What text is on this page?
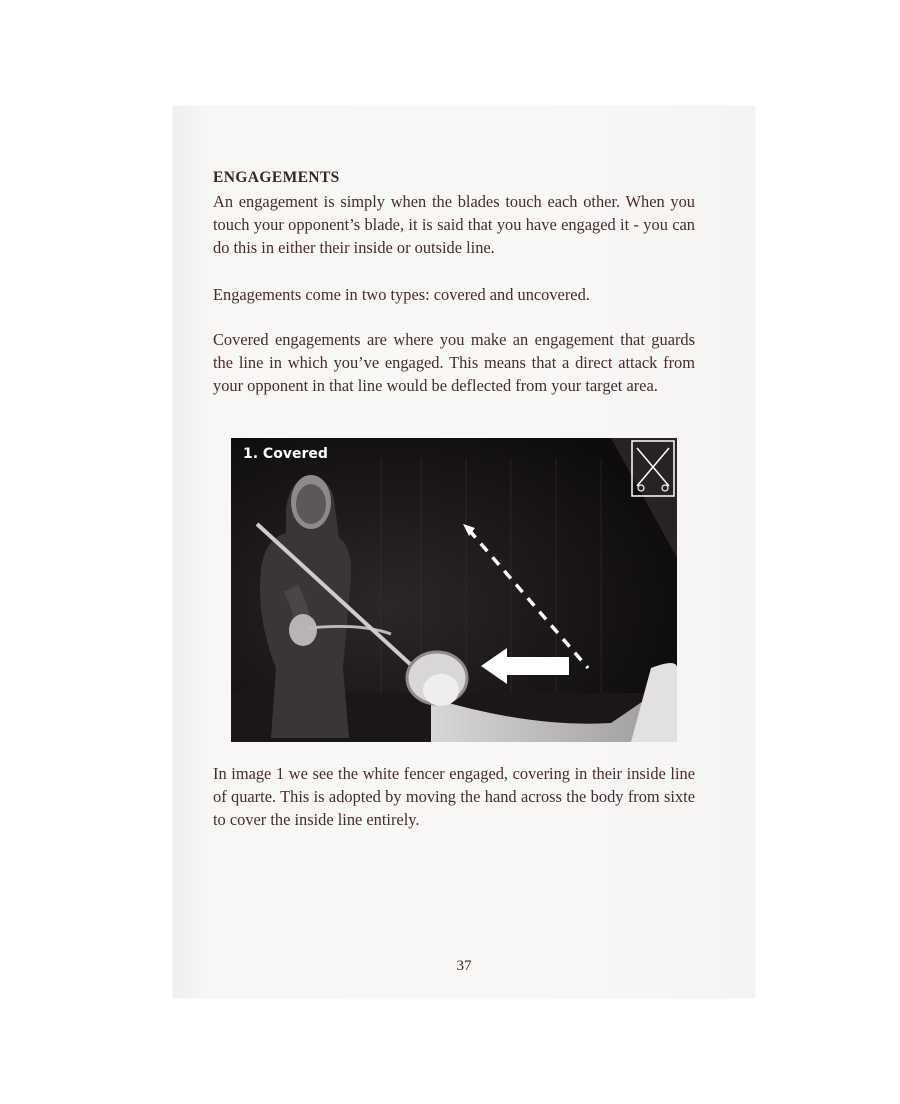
ENGAGEMENTS
An engagement is simply when the blades touch each other. When you touch your opponent’s blade, it is said that you have engaged it - you can do this in either their inside or outside line.
Engagements come in two types: covered and uncovered.
Covered engagements are where you make an engagement that guards the line in which you’ve engaged. This means that a direct attack from your opponent in that line would be deflected from your target area.
1. Covered
In image 1 we see the white fencer engaged, covering in their inside line of quarte. This is adopted by moving the hand across the body from sixte to cover the inside line entirely.
37
